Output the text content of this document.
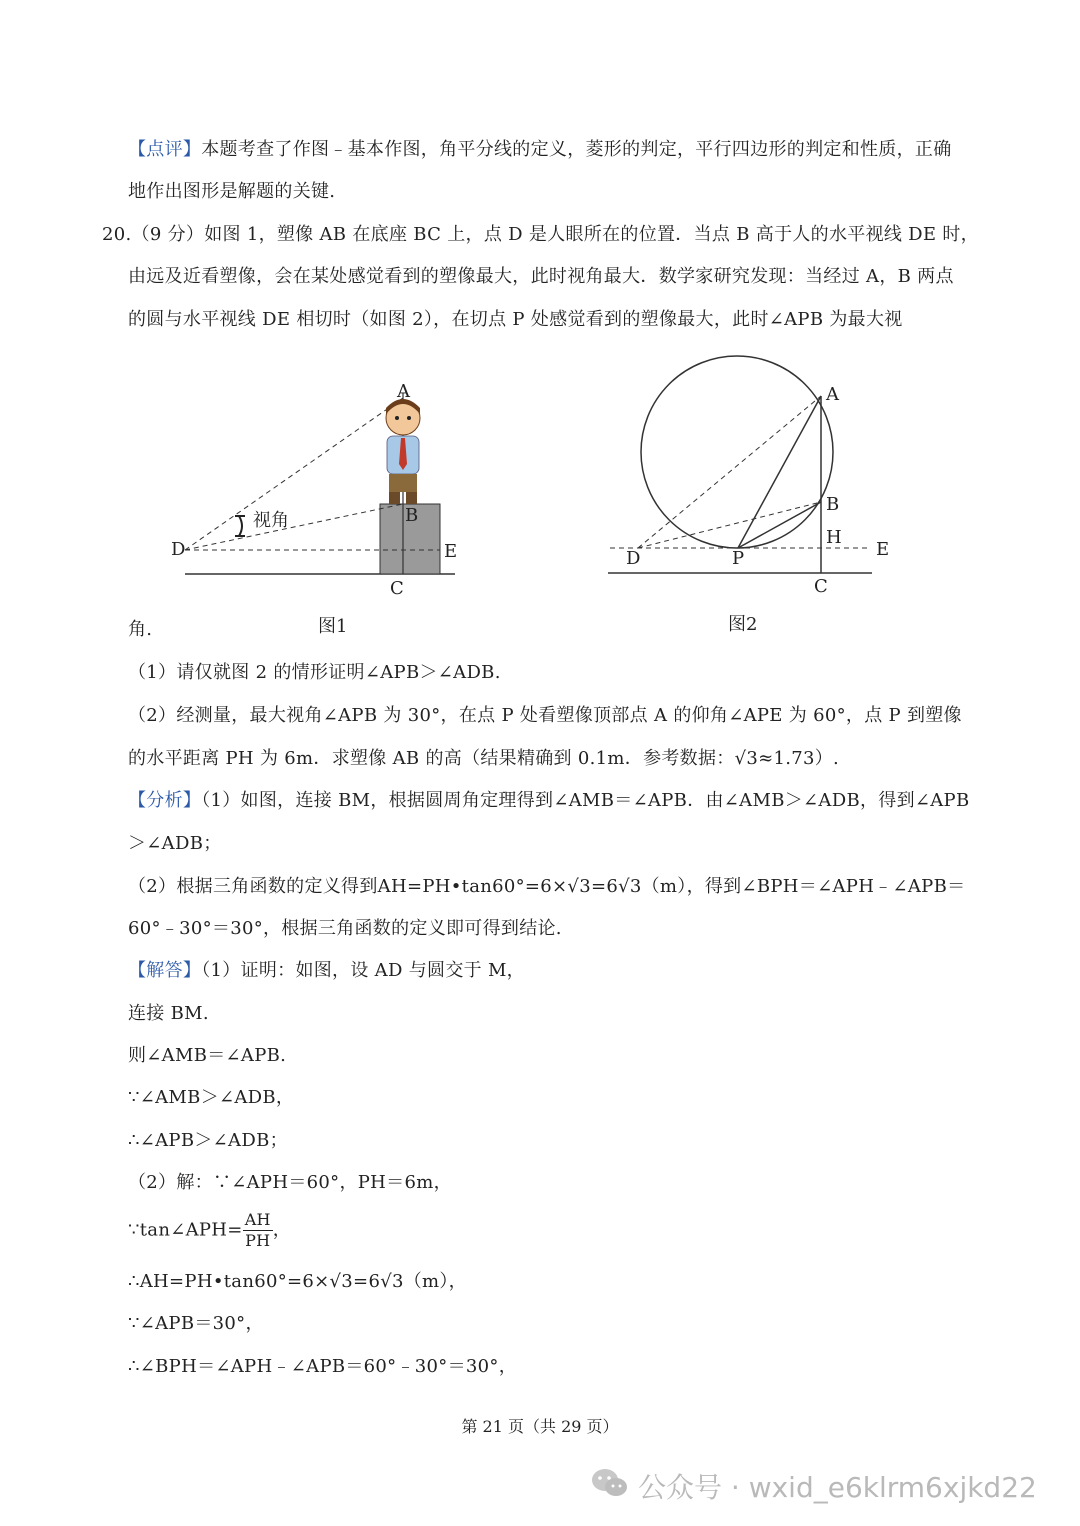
【点评】本题考查了作图﹣基本作图，角平分线的定义，菱形的判定，平行四边形的判定和性质，正确
地作出图形是解题的关键.
20.（9 分）如图 1，塑像 AB 在底座 BC 上，点 D 是人眼所在的位置．当点 B 高于人的水平视线 DE 时，
由远及近看塑像，会在某处感觉看到的塑像最大，此时视角最大．数学家研究发现：当经过 A，B 两点
的圆与水平视线 DE 相切时（如图 2），在切点 P 处感觉看到的塑像最大，此时∠APB 为最大视
A
B
C
D	E
视角
图1
A
B
H
E
D	P
C
图2
角.
（1）请仅就图 2 的情形证明∠APB＞∠ADB.
（2）经测量，最大视角∠APB 为 30°，在点 P 处看塑像顶部点 A 的仰角∠APE 为 60°，点 P 到塑像
的水平距离 PH 为 6m．求塑像 AB 的高（结果精确到 0.1m．参考数据：√3≈1.73）.
【分析】（1）如图，连接 BM，根据圆周角定理得到∠AMB＝∠APB．由∠AMB＞∠ADB，得到∠APB
＞∠ADB；
（2）根据三角函数的定义得到AH=PH•tan60°=6×√3=6√3（m），得到∠BPH＝∠APH﹣∠APB＝
60°﹣30°＝30°，根据三角函数的定义即可得到结论.
【解答】（1）证明：如图，设 AD 与圆交于 M，
连接 BM.
则∠AMB＝∠APB.
∵∠AMB＞∠ADB，
∴∠APB＞∠ADB；
（2）解：∵∠APH＝60°，PH＝6m，
∵tan∠APH= $\frac{AH}{PH}$ ，
∴AH=PH•tan60°=6×√3=6√3（m），
∵∠APB＝30°，
∴∠BPH＝∠APH﹣∠APB＝60°﹣30°＝30°，
第 21 页（共 29 页）
公众号 · wxid_e6klrm6xjkd22
